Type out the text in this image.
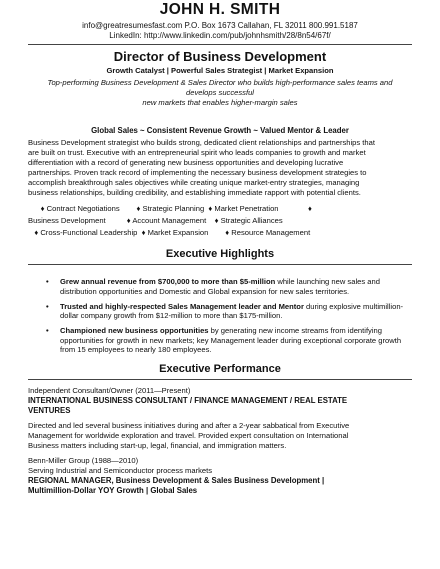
JOHN H. SMITH
info@greatresumesfast.com P.O. Box 1673 Callahan, FL 32011 800.991.5187
LinkedIn: http://www.linkedin.com/pub/johnhsmith/28/8n54/67f/
Director of Business Development
Growth Catalyst | Powerful Sales Strategist | Market Expansion
Top-performing Business Development & Sales Director who builds high-performance sales teams and
develops successful
new markets that enables higher-margin sales
Global Sales ~ Consistent Revenue Growth ~ Valued Mentor & Leader
Business Development strategist who builds strong, dedicated client relationships and partnerships that
are built on trust. Executive with an entrepreneurial spirit who leads companies to growth and market
differentiation with a record of generating new business opportunities and developing lucrative
partnerships. Proven track record of implementing the necessary business development strategies to
accomplish breakthrough sales objectives while creating unique market-entry strategies, managing
business relationships, building credibility, and establishing immediate rapport with potential clients.
♦ Contract Negotiations        ♦ Strategic Planning  ♦ Market Penetration              ♦
Business Development          ♦ Account Management    ♦ Strategic Alliances
♦ Cross-Functional Leadership  ♦ Market Expansion        ♦ Resource Management
Executive Highlights
• Grew annual revenue from $700,000 to more than $5-million while launching new sales and distribution opportunities and Domestic and Global expansion for new sales territories.
• Trusted and highly-respected Sales Management leader and Mentor during explosive multimillion-dollar company growth from $12-million to more than $175-million.
• Championed new business opportunities by generating new income streams from identifying opportunities for growth in new markets; key Management leader during exceptional corporate growth from 15 employees to nearly 180 employees.
Executive Performance
Independent Consultant/Owner (2011—Present)
INTERNATIONAL BUSINESS CONSULTANT / FINANCE MANAGEMENT / REAL ESTATE
VENTURES
Directed and led several business initiatives during and after a 2-year sabbatical from Executive
Management for worldwide exploration and travel. Provided expert consultation on International
Business matters including start-up, legal, financial, and immigration matters.
Benn-Miller Group (1988—2010)
Serving Industrial and Semiconductor process markets
REGIONAL MANAGER, Business Development & Sales Business Development |
Multimillion-Dollar YOY Growth | Global Sales
